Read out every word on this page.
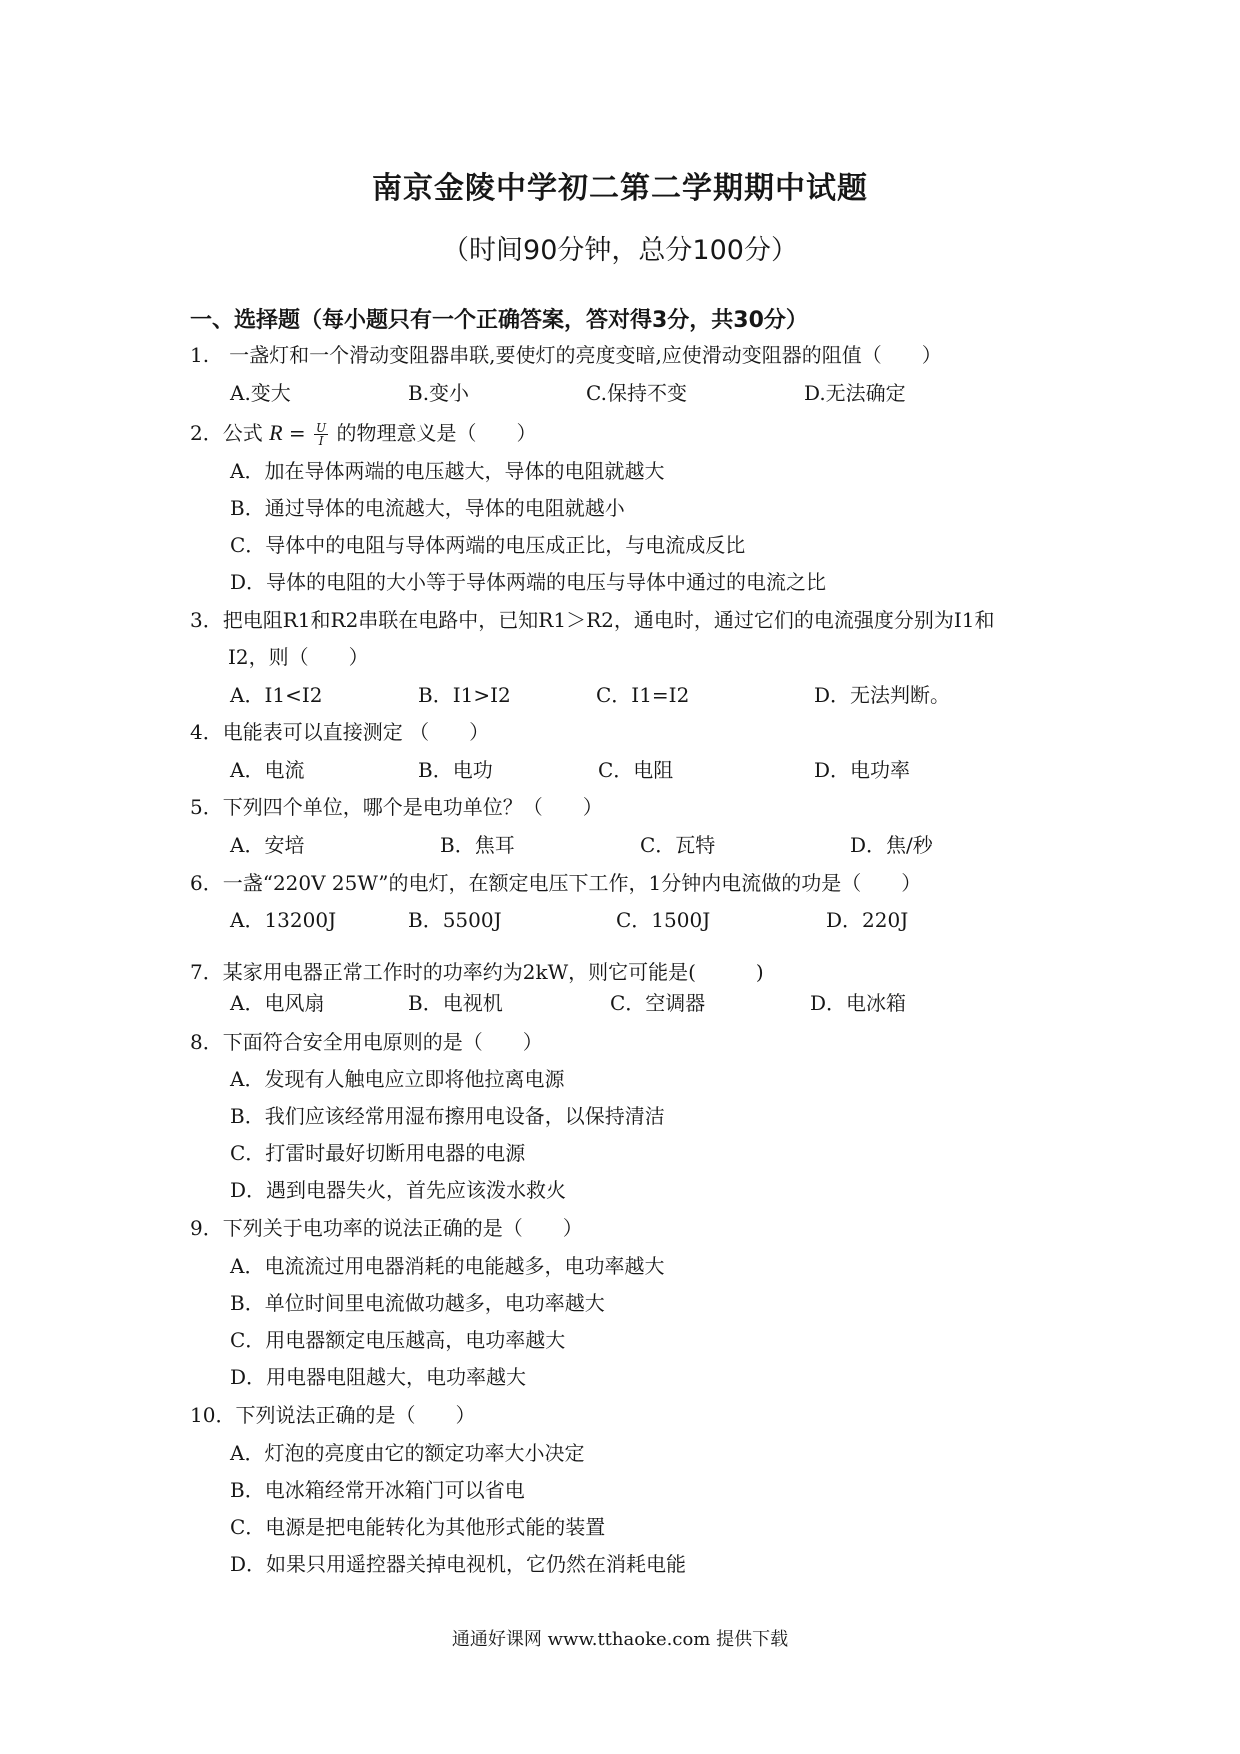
南京金陵中学初二第二学期期中试题
（时间90分钟，总分100分）
一、选择题（每小题只有一个正确答案，答对得3分，共30分）
1.　一盏灯和一个滑动变阻器串联,要使灯的亮度变暗,应使滑动变阻器的阻值（　　）
A.变大	B.变小	C.保持不变	D.无法确定
2．公式 $R = \frac{U}{I}$ 的物理意义是（　　）
A．加在导体两端的电压越大，导体的电阻就越大
B．通过导体的电流越大，导体的电阻就越小
C．导体中的电阻与导体两端的电压成正比，与电流成反比
D．导体的电阻的大小等于导体两端的电压与导体中通过的电流之比
3．把电阻R1和R2串联在电路中，已知R1＞R2，通电时，通过它们的电流强度分别为I1和
I2，则（　　）
A．I1<I2	B．I1>I2	C．I1=I2	D．无法判断。
4．电能表可以直接测定 （　　）
A．电流	B．电功	C．电阻	D．电功率
5．下列四个单位，哪个是电功单位？（　　）
A．安培	B．焦耳	C．瓦特	D．焦/秒
6．一盏“220V 25W”的电灯，在额定电压下工作，1分钟内电流做的功是（　　）
A．13200J	B．5500J	C．1500J	D．220J
7．某家用电器正常工作时的功率约为2kW，则它可能是(　　　)
A．电风扇	B．电视机	C．空调器	D．电冰箱
8．下面符合安全用电原则的是（　　）
A．发现有人触电应立即将他拉离电源
B．我们应该经常用湿布擦用电设备，以保持清洁
C．打雷时最好切断用电器的电源
D．遇到电器失火，首先应该泼水救火
9．下列关于电功率的说法正确的是（　　）
A．电流流过用电器消耗的电能越多，电功率越大
B．单位时间里电流做功越多，电功率越大
C．用电器额定电压越高，电功率越大
D．用电器电阻越大，电功率越大
10．下列说法正确的是（　　）
A．灯泡的亮度由它的额定功率大小决定
B．电冰箱经常开冰箱门可以省电
C．电源是把电能转化为其他形式能的装置
D．如果只用遥控器关掉电视机，它仍然在消耗电能
通通好课网 www.tthaoke.com 提供下载
